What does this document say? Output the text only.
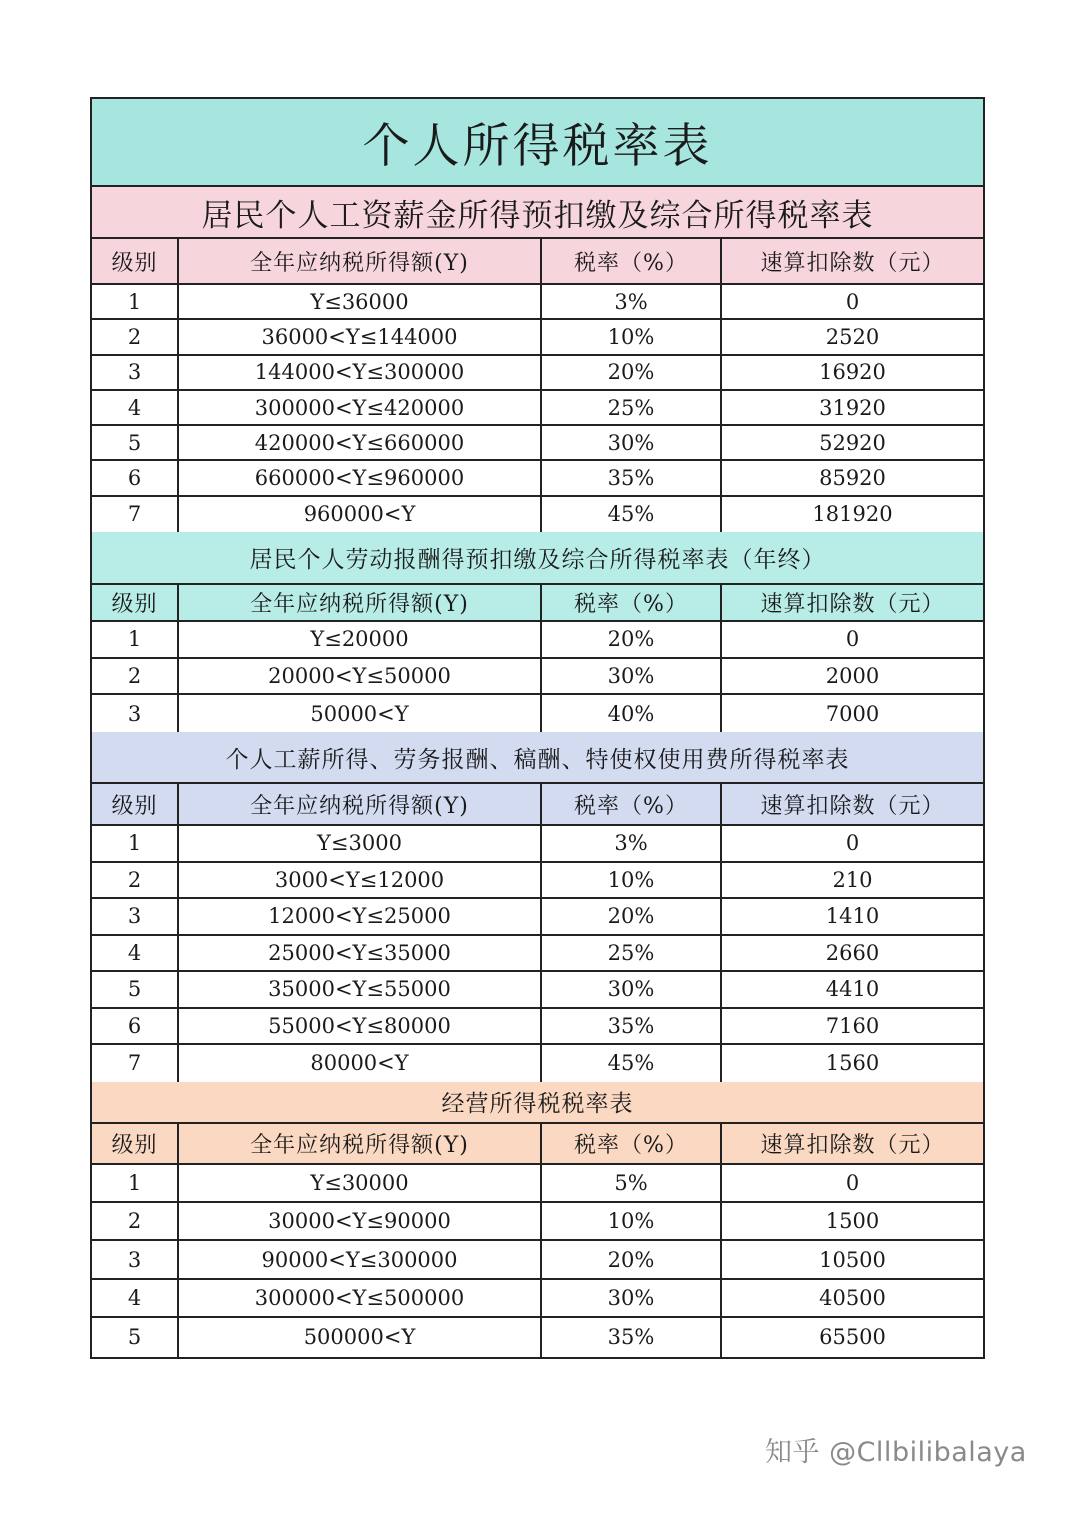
个人所得税率表
居民个人工资薪金所得预扣缴及综合所得税率表
级别	全年应纳税所得额(Y)	税率（%）	速算扣除数（元）
1	Y≤36000	3%	0
2	36000<Y≤144000	10%	2520
3	144000<Y≤300000	20%	16920
4	300000<Y≤420000	25%	31920
5	420000<Y≤660000	30%	52920
6	660000<Y≤960000	35%	85920
7	960000<Y	45%	181920
居民个人劳动报酬得预扣缴及综合所得税率表（年终）
级别	全年应纳税所得额(Y)	税率（%）	速算扣除数（元）
1	Y≤20000	20%	0
2	20000<Y≤50000	30%	2000
3	50000<Y	40%	7000
个人工薪所得、劳务报酬、稿酬、特使权使用费所得税率表
级别	全年应纳税所得额(Y)	税率（%）	速算扣除数（元）
1	Y≤3000	3%	0
2	3000<Y≤12000	10%	210
3	12000<Y≤25000	20%	1410
4	25000<Y≤35000	25%	2660
5	35000<Y≤55000	30%	4410
6	55000<Y≤80000	35%	7160
7	80000<Y	45%	1560
经营所得税税率表
级别	全年应纳税所得额(Y)	税率（%）	速算扣除数（元）
1	Y≤30000	5%	0
2	30000<Y≤90000	10%	1500
3	90000<Y≤300000	20%	10500
4	300000<Y≤500000	30%	40500
5	500000<Y	35%	65500
知乎 @Cllbilibalaya
